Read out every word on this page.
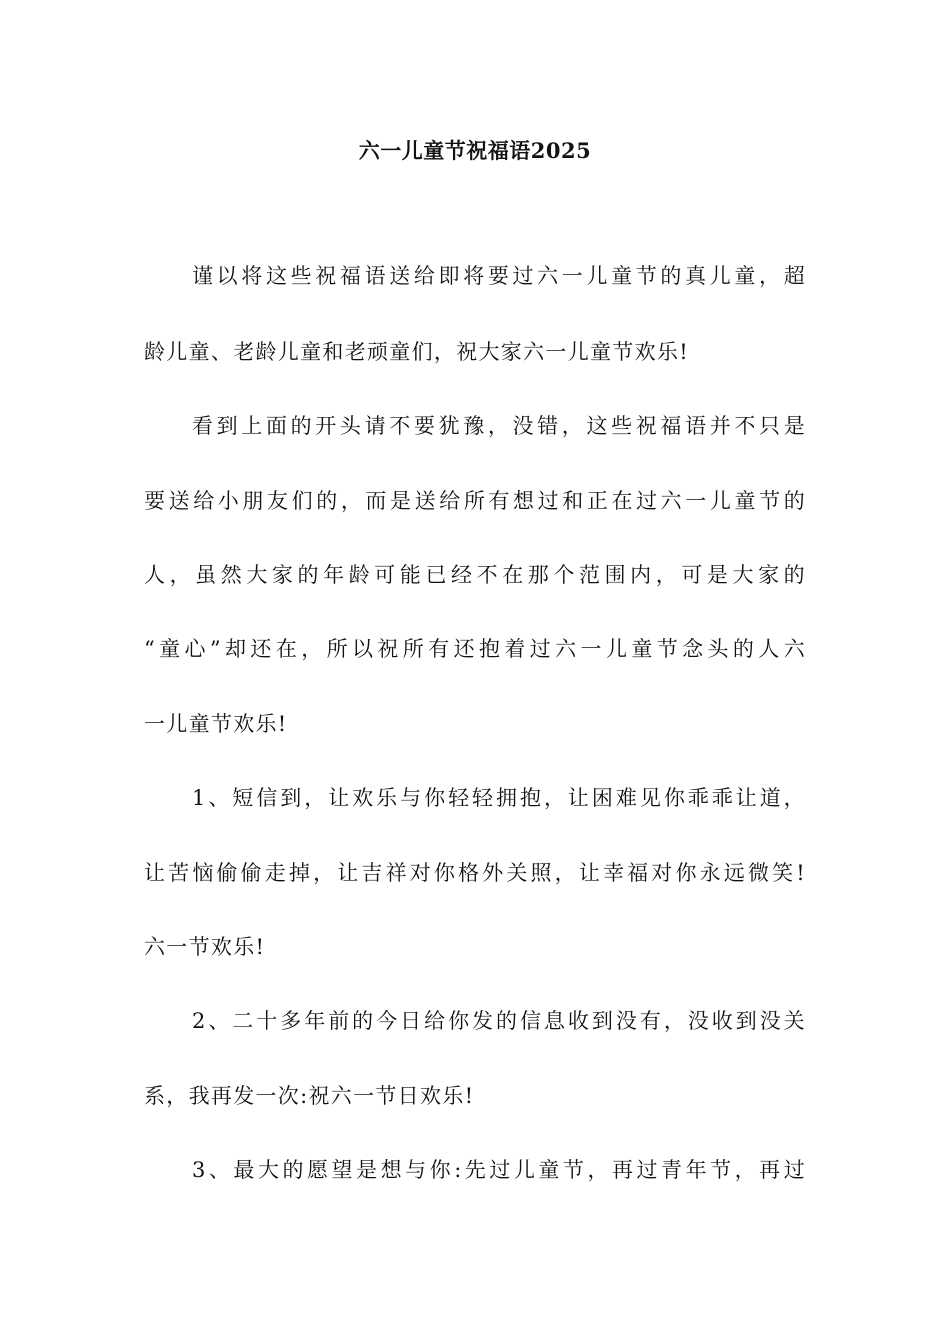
六一儿童节祝福语2025
谨以将这些祝福语送给即将要过六一儿童节的真儿童，超
龄儿童、老龄儿童和老顽童们，祝大家六一儿童节欢乐!
看到上面的开头请不要犹豫，没错，这些祝福语并不只是
要送给小朋友们的，而是送给所有想过和正在过六一儿童节的
人，虽然大家的年龄可能已经不在那个范围内，可是大家的
“童心”却还在，所以祝所有还抱着过六一儿童节念头的人六
一儿童节欢乐!
1、短信到，让欢乐与你轻轻拥抱，让困难见你乖乖让道，
让苦恼偷偷走掉，让吉祥对你格外关照，让幸福对你永远微笑!
六一节欢乐!
2、二十多年前的今日给你发的信息收到没有，没收到没关
系，我再发一次:祝六一节日欢乐!
3、最大的愿望是想与你:先过儿童节，再过青年节，再过
